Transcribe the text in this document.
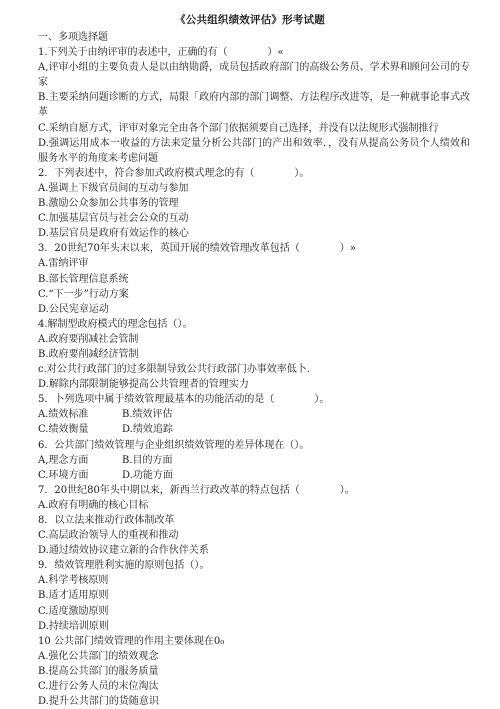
《公共组织绩效评估》形考试题
一、多项选择题
1.下列关于由纳评审的表述中，正确的有（　　　　）«
A,评审小组的主要负责人是以由纳勋爵，成员包括政府部门的高级公务员、学术界和顾问公司的专家
B.主要采纳问题诊断的方式，局限「政府内部的部门调整、方法程序改进等，是一种就事论事式改革
C.采纳自愿方式，评审对象完全由各个部门依据须要自己选择，并没有以法规形式强制推行
D.强调运用成本一收益的方法来定量分析公共部门的产出和效率．，没有从提高公务员个人绩效和服务水平的角度来考虑问题
2．下列表述中，符合参加式政府模式理念的有（　　　　）。
A.强调上下级官员间的互动与参加
B.激励公众参加公共事务的管理
C.加强基层官员与社会公众的互动
D.基层官员是政府有效运作的核心
3．20世纪70年头末以来，英国开展的绩效管理改革包括（　　　　）»
A.雷纳评审
B.部长管理信息系统
C.“下一步”行动方案
D.公民宪章运动
4.解制型政府模式的理念包括（）。
A.政府要削减社会管制
B.政府要削减经济管制
c.对公共行政部门的过多限制导致公共行政部门办事效率低卜.
D.解除内部限制能够提高公共管理者的管理实力
5．卜列选项中属于绩效管理最基本的功能活动的是（　　　　）。
A.绩效标准	B.绩效评估
C.绩效衡量	D.绩效追踪
6．公共部门绩效管理与企业组织绩效管理的差异体现在（）。
A,理念方面	B.目的方面
C.环境方面	D.功能方面
7．20世纪80年头中期以来，新西兰行政改革的特点包括（　　　　）。
A.政府有明确的核心目标
8．以立法来推动行政体制改革
C.高层政治领导人的重视和推动
D.通过绩效协议建立新的合作伙伴关系
9．绩效管理胜利实施的原则包括（）。
A.科学考核原则
B.适才适用原则
C.适度激励原则
D.持续培训原则
10 公共部门绩效管理的作用主要体现在0₀
A.强化公共部门的绩效观念
B.提高公共部门的服务质量
C.进行公务人员的末位淘汰
D.提升公共部门的货随意识
